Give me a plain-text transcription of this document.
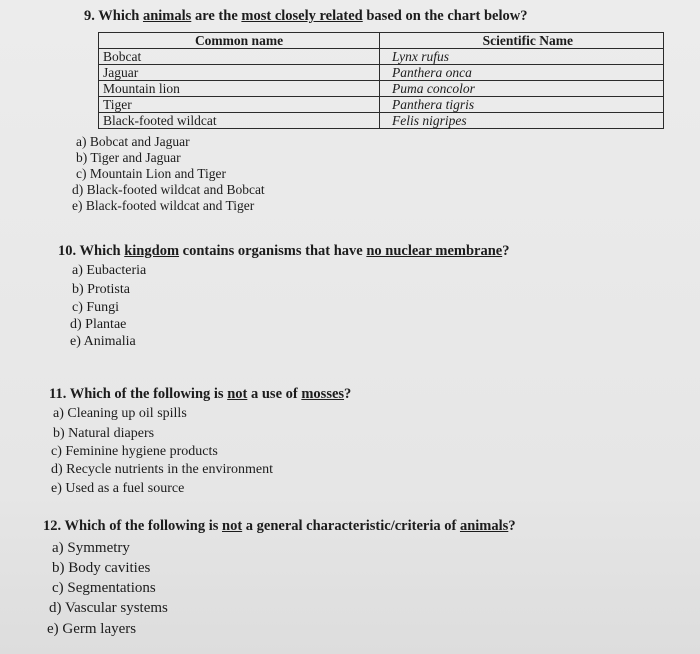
9. Which animals are the most closely related based on the chart below?
Common name	Scientific Name
Bobcat	Lynx rufus
Jaguar	Panthera onca
Mountain lion	Puma concolor
Tiger	Panthera tigris
Black-footed wildcat	Felis nigripes
a) Bobcat and Jaguar
b) Tiger and Jaguar
c) Mountain Lion and Tiger
d) Black-footed wildcat and Bobcat
e) Black-footed wildcat and Tiger
10. Which kingdom contains organisms that have no nuclear membrane?
a) Eubacteria
b) Protista
c) Fungi
d) Plantae
e) Animalia
11. Which of the following is not a use of mosses?
a) Cleaning up oil spills
b) Natural diapers
c) Feminine hygiene products
d) Recycle nutrients in the environment
e) Used as a fuel source
12. Which of the following is not a general characteristic/criteria of animals?
a) Symmetry
b) Body cavities
c) Segmentations
d) Vascular systems
e) Germ layers
